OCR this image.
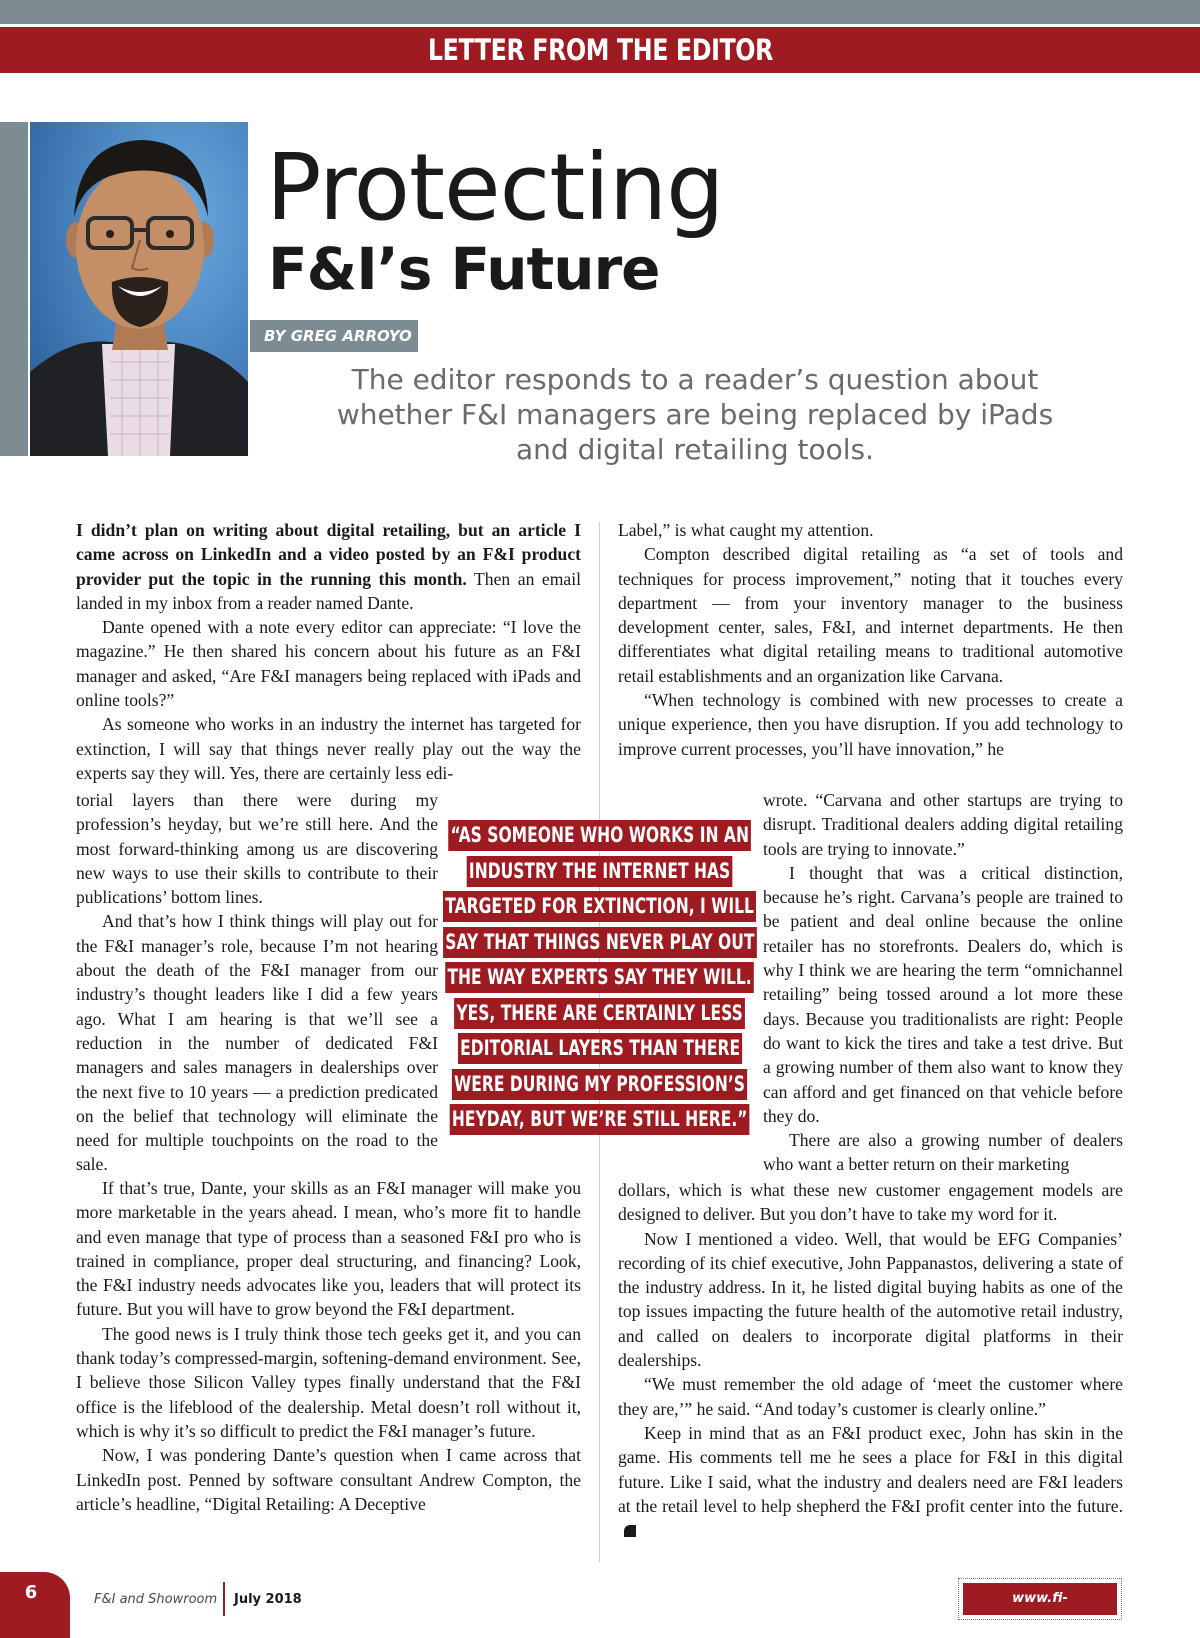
LETTER FROM THE EDITOR
Protecting
F&I’s Future
BY GREG ARROYO
The editor responds to a reader’s question about whether F&I managers are being replaced by iPads and digital retailing tools.

I didn’t plan on writing about digital retailing, but an article I came across on LinkedIn and a video posted by an F&I product provider put the topic in the running this month. Then an email landed in my inbox from a reader named Dante.

Dante opened with a note every editor can appreciate: “I love the magazine.” He then shared his concern about his future as an F&I manager and asked, “Are F&I managers being replaced with iPads and online tools?”

As someone who works in an industry the internet has targeted for extinction, I will say that things never really play out the way the experts say they will. Yes, there are certainly less edi-

torial layers than there were during my profession’s heyday, but we’re still here. And the most forward-thinking among us are discovering new ways to use their skills to contribute to their publications’ bottom lines.

And that’s how I think things will play out for the F&I manager’s role, because I’m not hearing about the death of the F&I manager from our industry’s thought leaders like I did a few years ago. What I am hearing is that we’ll see a reduction in the number of dedicated F&I managers and sales managers in dealerships over the next five to 10 years — a prediction predicated on the belief that technology will eliminate the need for multiple touchpoints on the road to the sale.

If that’s true, Dante, your skills as an F&I manager will make you more marketable in the years ahead. I mean, who’s more fit to handle and even manage that type of process than a seasoned F&I pro who is trained in compliance, proper deal structuring, and financing? Look, the F&I industry needs advocates like you, leaders that will protect its future. But you will have to grow beyond the F&I department.

The good news is I truly think those tech geeks get it, and you can thank today’s compressed-margin, softening-demand environment. See, I believe those Silicon Valley types finally understand that the F&I office is the lifeblood of the dealership. Metal doesn’t roll without it, which is why it’s so difficult to predict the F&I manager’s future.

Now, I was pondering Dante’s question when I came across that LinkedIn post. Penned by software consultant Andrew Compton, the article’s headline, “Digital Retailing: A Deceptive

Label,” is what caught my attention.

Compton described digital retailing as “a set of tools and techniques for process improvement,” noting that it touches every department — from your inventory manager to the business development center, sales, F&I, and internet departments. He then differentiates what digital retailing means to traditional automotive retail establishments and an organization like Carvana.

“When technology is combined with new processes to create a unique experience, then you have disruption. If you add technology to improve current processes, you’ll have innovation,” he

wrote. “Carvana and other startups are trying to disrupt. Traditional dealers adding digital retailing tools are trying to innovate.”

I thought that was a critical distinction, because he’s right. Carvana’s people are trained to be patient and deal online because the online retailer has no storefronts. Dealers do, which is why I think we are hearing the term “omnichannel retailing” being tossed around a lot more these days. Because you traditionalists are right: People do want to kick the tires and take a test drive. But a growing number of them also want to know they can afford and get financed on that vehicle before they do.

There are also a growing number of dealers who want a better return on their marketing

dollars, which is what these new customer engagement models are designed to deliver. But you don’t have to take my word for it.

Now I mentioned a video. Well, that would be EFG Companies’ recording of its chief executive, John Pappanastos, delivering a state of the industry address. In it, he listed digital buying habits as one of the top issues impacting the future health of the automotive retail industry, and called on dealers to incorporate digital platforms in their dealerships.

“We must remember the old adage of ‘meet the customer where they are,’” he said. “And today’s customer is clearly online.”

Keep in mind that as an F&I product exec, John has skin in the game. His comments tell me he sees a place for F&I in this digital future. Like I said, what the industry and dealers need are F&I leaders at the retail level to help shepherd the F&I profit center into the future.

“AS SOMEONE WHO WORKS IN AN
INDUSTRY THE INTERNET HAS
TARGETED FOR EXTINCTION, I WILL
SAY THAT THINGS NEVER PLAY OUT
THE WAY EXPERTS SAY THEY WILL.
YES, THERE ARE CERTAINLY LESS
EDITORIAL LAYERS THAN THERE
WERE DURING MY PROFESSION’S
HEYDAY, BUT WE’RE STILL HERE.”
6	F&I and Showroom July 2018	www.fi-magazine.com
